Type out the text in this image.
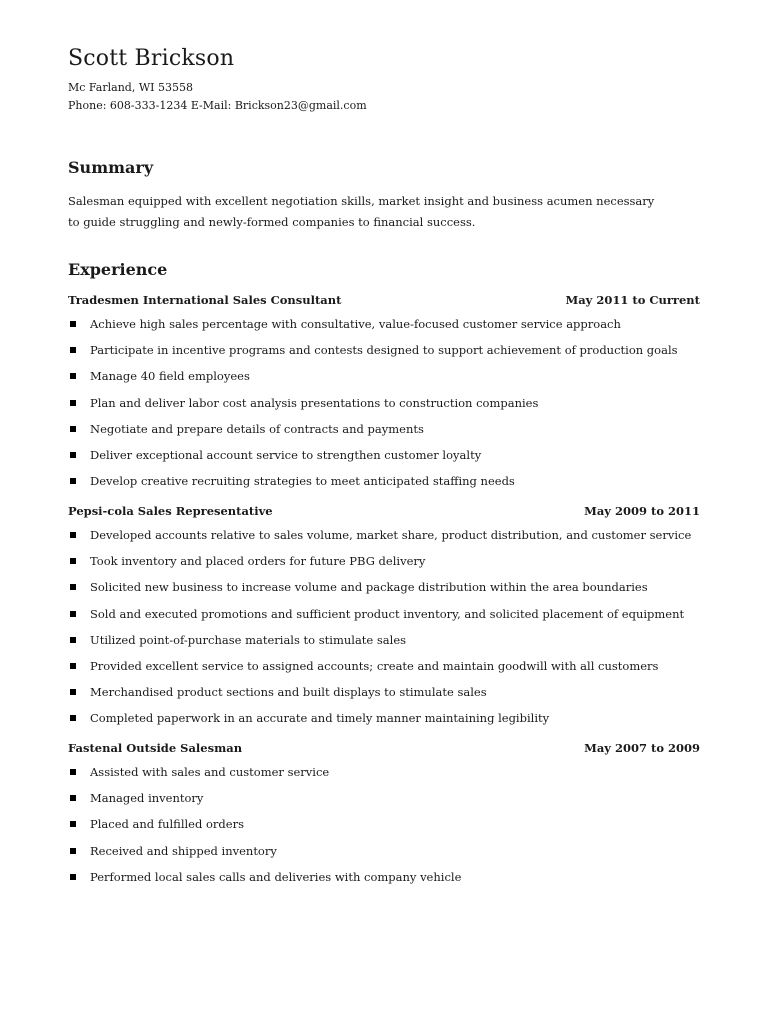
Scott Brickson

Mc Farland, WI 53558

Phone: 608-333-1234 E-Mail: Brickson23@gmail.com

Summary

Salesman equipped with excellent negotiation skills, market insight and business acumen necessary to guide struggling and newly-formed companies to financial success.

Experience
Tradesmen International Sales Consultant	May 2011 to Current
Achieve high sales percentage with consultative, value-focused customer service approach
Participate in incentive programs and contests designed to support achievement of production goals
Manage 40 field employees
Plan and deliver labor cost analysis presentations to construction companies
Negotiate and prepare details of contracts and payments
Deliver exceptional account service to strengthen customer loyalty
Develop creative recruiting strategies to meet anticipated staffing needs
Pepsi-cola Sales Representative	May 2009 to 2011
Developed accounts relative to sales volume, market share, product distribution, and customer service
Took inventory and placed orders for future PBG delivery
Solicited new business to increase volume and package distribution within the area boundaries
Sold and executed promotions and sufficient product inventory, and solicited placement of equipment
Utilized point-of-purchase materials to stimulate sales
Provided excellent service to assigned accounts; create and maintain goodwill with all customers
Merchandised product sections and built displays to stimulate sales
Completed paperwork in an accurate and timely manner maintaining legibility
Fastenal Outside Salesman	May 2007 to 2009
Assisted with sales and customer service
Managed inventory
Placed and fulfilled orders
Received and shipped inventory
Performed local sales calls and deliveries with company vehicle
